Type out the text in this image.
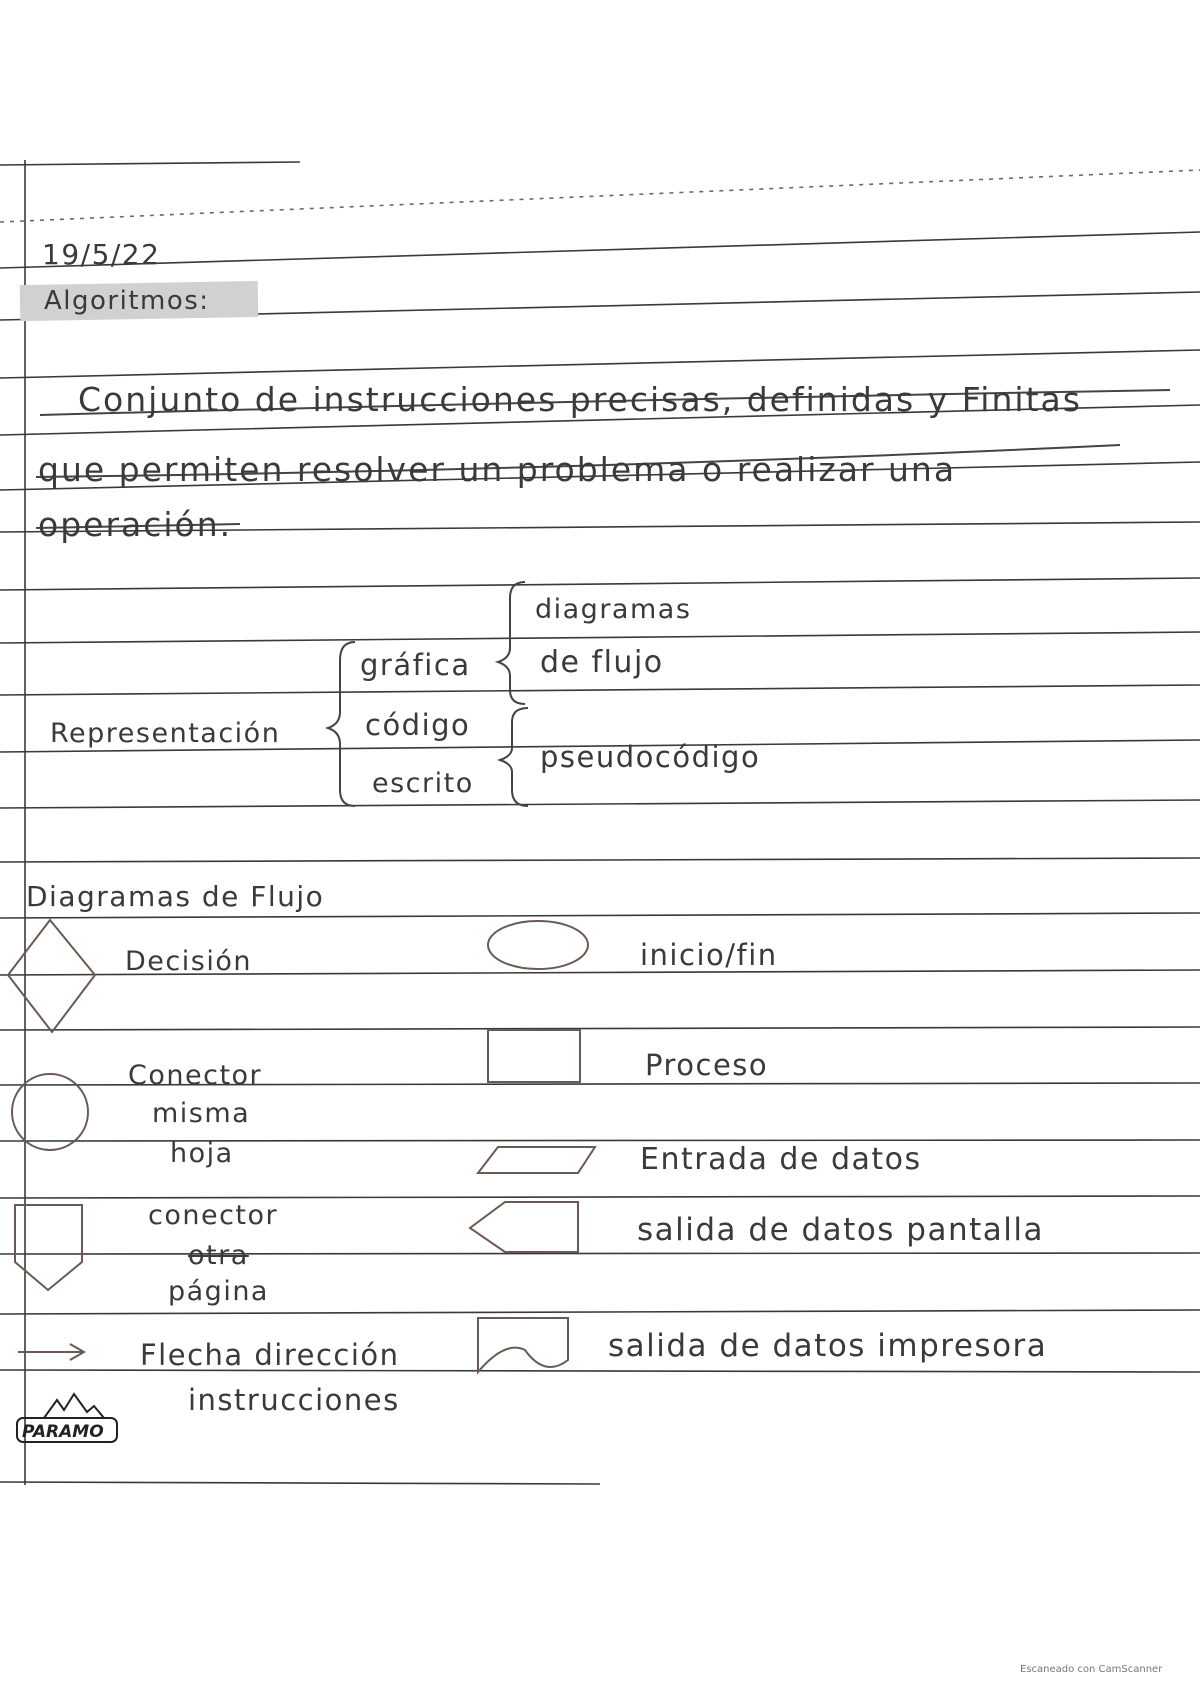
19/5/22
Algoritmos:
Conjunto de instrucciones precisas, definidas y Finitas
que permiten resolver un problema o realizar una
operación.
Representación
gráfica
código
escrito
diagramas
de flujo
pseudocódigo
Diagramas de Flujo
Decisión
Conector
misma
hoja
conector
otra
página
Flecha dirección
instrucciones
inicio/fin
Proceso
Entrada de datos
salida de datos pantalla
salida de datos impresora
PARAMO
Escaneado con CamScanner
